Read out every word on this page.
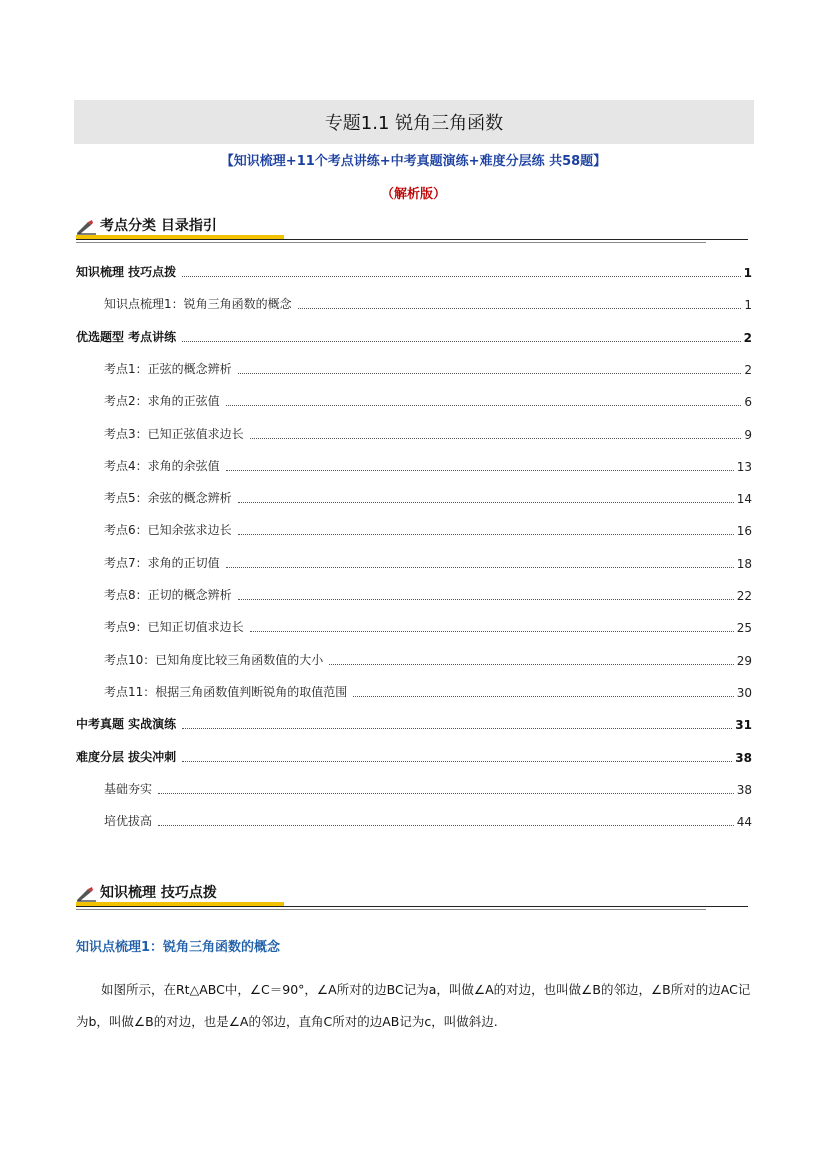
专题1.1 锐角三角函数
【知识梳理+11个考点讲练+中考真题演练+难度分层练 共58题】
（解析版）
考点分类 目录指引
知识梳理 技巧点拨	1
知识点梳理1：锐角三角函数的概念	1
优选题型 考点讲练	2
考点1：正弦的概念辨析	2
考点2：求角的正弦值	6
考点3：已知正弦值求边长	9
考点4：求角的余弦值	13
考点5：余弦的概念辨析	14
考点6：已知余弦求边长	16
考点7：求角的正切值	18
考点8：正切的概念辨析	22
考点9：已知正切值求边长	25
考点10：已知角度比较三角函数值的大小	29
考点11：根据三角函数值判断锐角的取值范围	30
中考真题 实战演练	31
难度分层 拔尖冲刺	38
基础夯实	38
培优拔高	44
知识梳理 技巧点拨
知识点梳理1：锐角三角函数的概念

如图所示，在Rt△ABC中，∠C＝90°，∠A所对的边BC记为a，叫做∠A的对边，也叫做∠B的邻边，∠B所对的边AC记为b，叫做∠B的对边，也是∠A的邻边，直角C所对的边AB记为c，叫做斜边.
